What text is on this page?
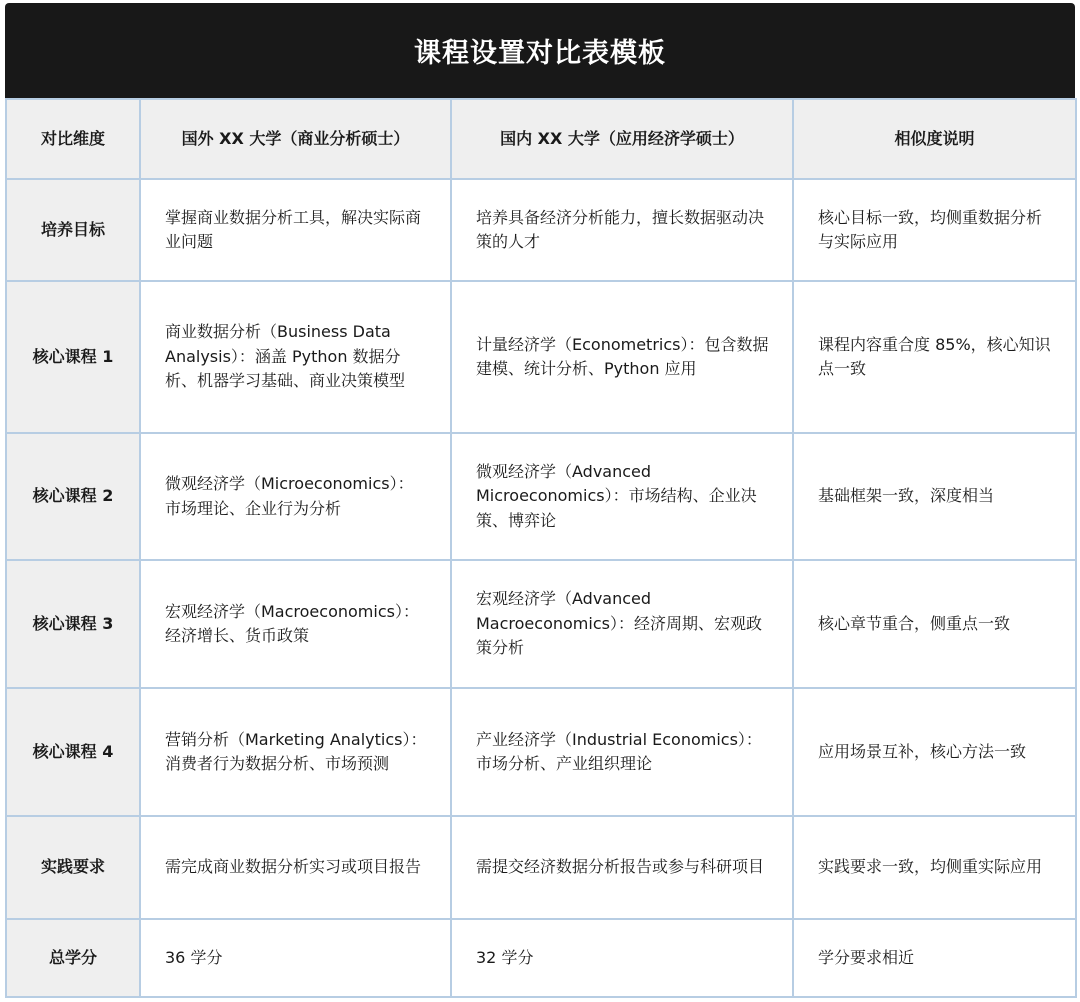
课程设置对比表模板
对比维度	国外 XX 大学（商业分析硕士）	国内 XX 大学（应用经济学硕士）	相似度说明
培养目标	掌握商业数据分析工具，解决实际商业问题	培养具备经济分析能力，擅长数据驱动决策的人才	核心目标一致，均侧重数据分析与实际应用
核心课程 1	商业数据分析（Business Data Analysis）：涵盖 Python 数据分析、机器学习基础、商业决策模型	计量经济学（Econometrics）：包含数据建模、统计分析、Python 应用	课程内容重合度 85%，核心知识点一致
核心课程 2	微观经济学（Microeconomics）：市场理论、企业行为分析	微观经济学（Advanced Microeconomics）：市场结构、企业决策、博弈论	基础框架一致，深度相当
核心课程 3	宏观经济学（Macroeconomics）：经济增长、货币政策	宏观经济学（Advanced Macroeconomics）：经济周期、宏观政策分析	核心章节重合，侧重点一致
核心课程 4	营销分析（Marketing Analytics）：消费者行为数据分析、市场预测	产业经济学（Industrial Economics）：市场分析、产业组织理论	应用场景互补，核心方法一致
实践要求	需完成商业数据分析实习或项目报告	需提交经济数据分析报告或参与科研项目	实践要求一致，均侧重实际应用
总学分	36 学分	32 学分	学分要求相近
